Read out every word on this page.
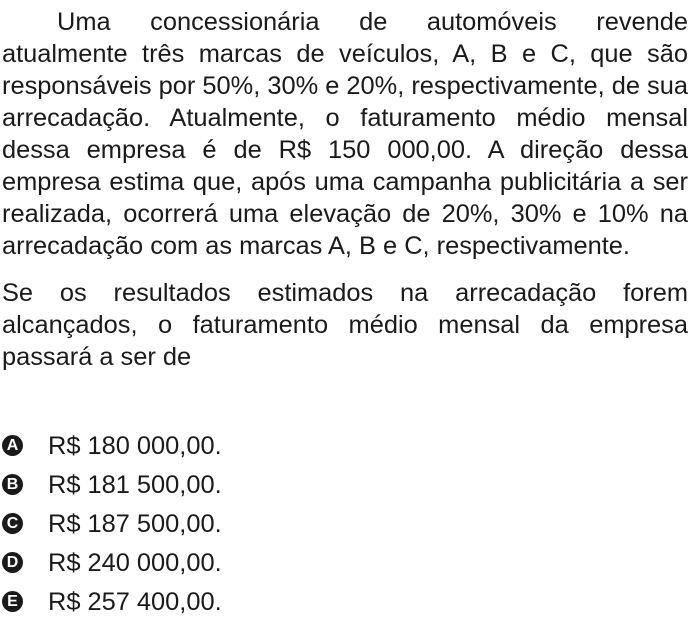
Uma concessionária de automóveis revende atualmente três marcas de veículos, A, B e C, que são responsáveis por 50%, 30% e 20%, respectivamente, de sua arrecadação. Atualmente, o faturamento médio mensal dessa empresa é de R$ 150 000,00. A direção dessa empresa estima que, após uma campanha publicitária a ser realizada, ocorrerá uma elevação de 20%, 30% e 10% na arrecadação com as marcas A, B e C, respectivamente.

Se os resultados estimados na arrecadação forem alcançados, o faturamento médio mensal da empresa passará a ser de

A R$ 180 000,00.
B R$ 181 500,00.
C R$ 187 500,00.
D R$ 240 000,00.
E R$ 257 400,00.
